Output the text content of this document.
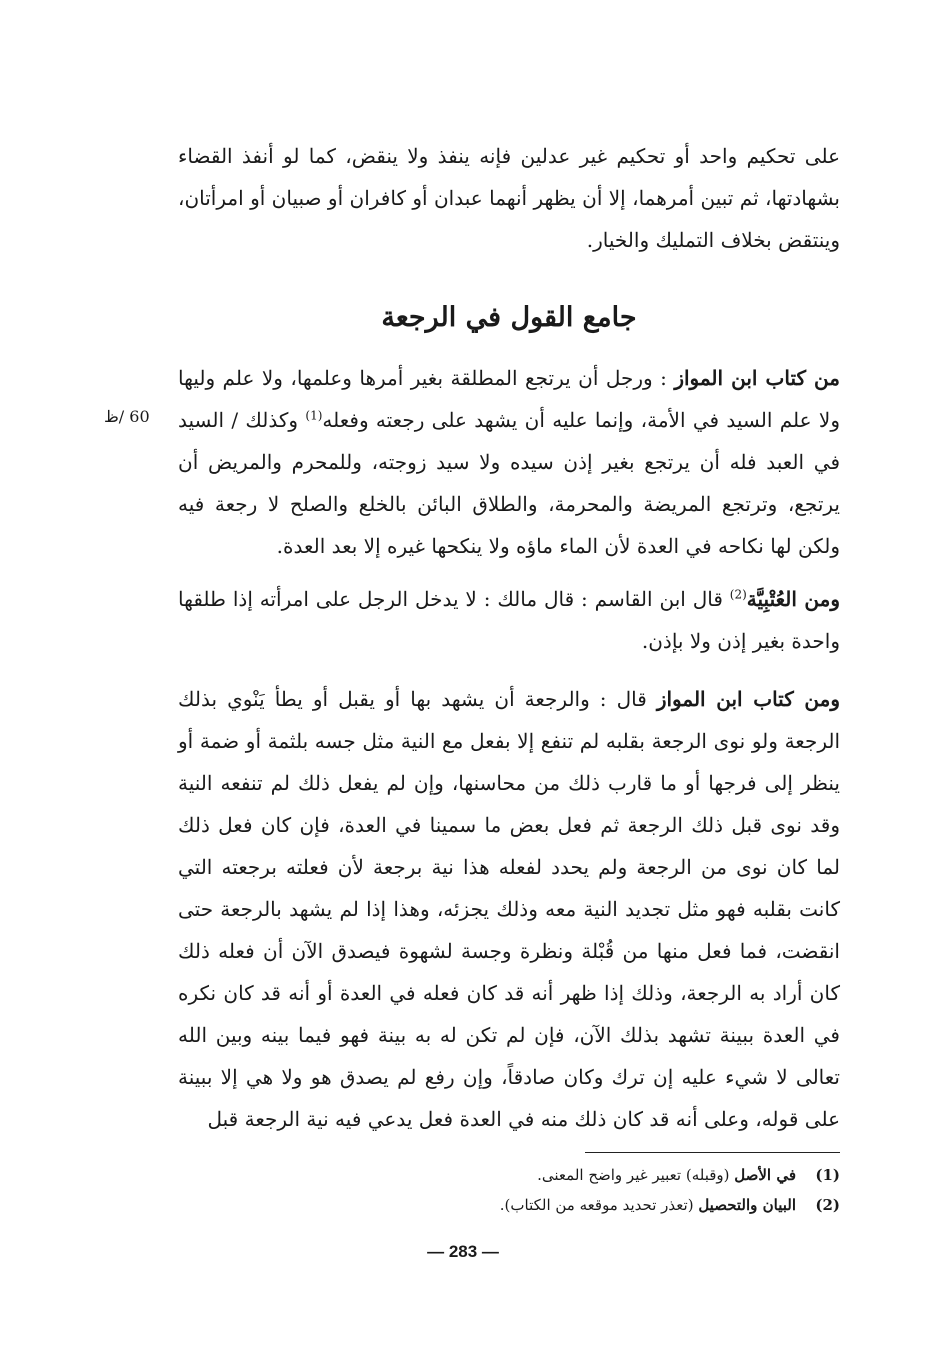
على تحكيم واحد أو تحكيم غير عدلين فإنه ينفذ ولا ينقض، كما لو أنفذ القضاء بشهادتها، ثم تبين أمرهما، إلا أن يظهر أنهما عبدان أو كافران أو صبيان أو امرأتان، وينتقض بخلاف التمليك والخيار.

جامع القول في الرجعة

من كتاب ابن المواز : ورجل أن يرتجع المطلقة بغير أمرها وعلمها، ولا علم وليها ولا علم السيد في الأمة، وإنما عليه أن يشهد على رجعته وفعله$^{(1)}$ وكذلك / السيد في العبد فله أن يرتجع بغير إذن سيده ولا سيد زوجته، وللمحرم والمريض أن يرتجع، وترتجع المريضة والمحرمة، والطلاق البائن بالخلع والصلح لا رجعة فيه ولكن لها نكاحه في العدة لأن الماء ماؤه ولا ينكحها غيره إلا بعد العدة.

60 /ظ

ومن العُتْبِيَّة$^{(2)}$ قال ابن القاسم : قال مالك : لا يدخل الرجل على امرأته إذا طلقها واحدة بغير إذن ولا بإذن.

ومن كتاب ابن المواز قال : والرجعة أن يشهد بها أو يقبل أو يطأ يَنْوي بذلك الرجعة ولو نوى الرجعة بقلبه لم تنفع إلا بفعل مع النية مثل جسه بلثمة أو ضمة أو ينظر إلى فرجها أو ما قارب ذلك من محاسنها، وإن لم يفعل ذلك لم تنفعه النية وقد نوى قبل ذلك الرجعة ثم فعل بعض ما سمينا في العدة، فإن كان فعل ذلك لما كان نوى من الرجعة ولم يحدد لفعله هذا نية برجعة لأن فعلته برجعته التي كانت بقلبه فهو مثل تجديد النية معه وذلك يجزئه، وهذا إذا لم يشهد بالرجعة حتى انقضت، فما فعل منها من قُبْلة ونظرة وجسة لشهوة فيصدق الآن أن فعله ذلك كان أراد به الرجعة، وذلك إذا ظهر أنه قد كان فعله في العدة أو أنه قد كان نكره في العدة ببينة تشهد بذلك الآن، فإن لم تكن له به بينة فهو فيما بينه وبين الله تعالى لا شيء عليه إن ترك وكان صادقاً، وإن رفع لم يصدق هو ولا هي إلا ببينة على قوله، وعلى أنه قد كان ذلك منه في العدة فعل يدعي فيه نية الرجعة قبل

(1)
في الأصل (وقبله) تعبير غير واضح المعنى.
(2)
البيان والتحصيل (تعذر تحديد موقعه من الكتاب).
— 283 —
